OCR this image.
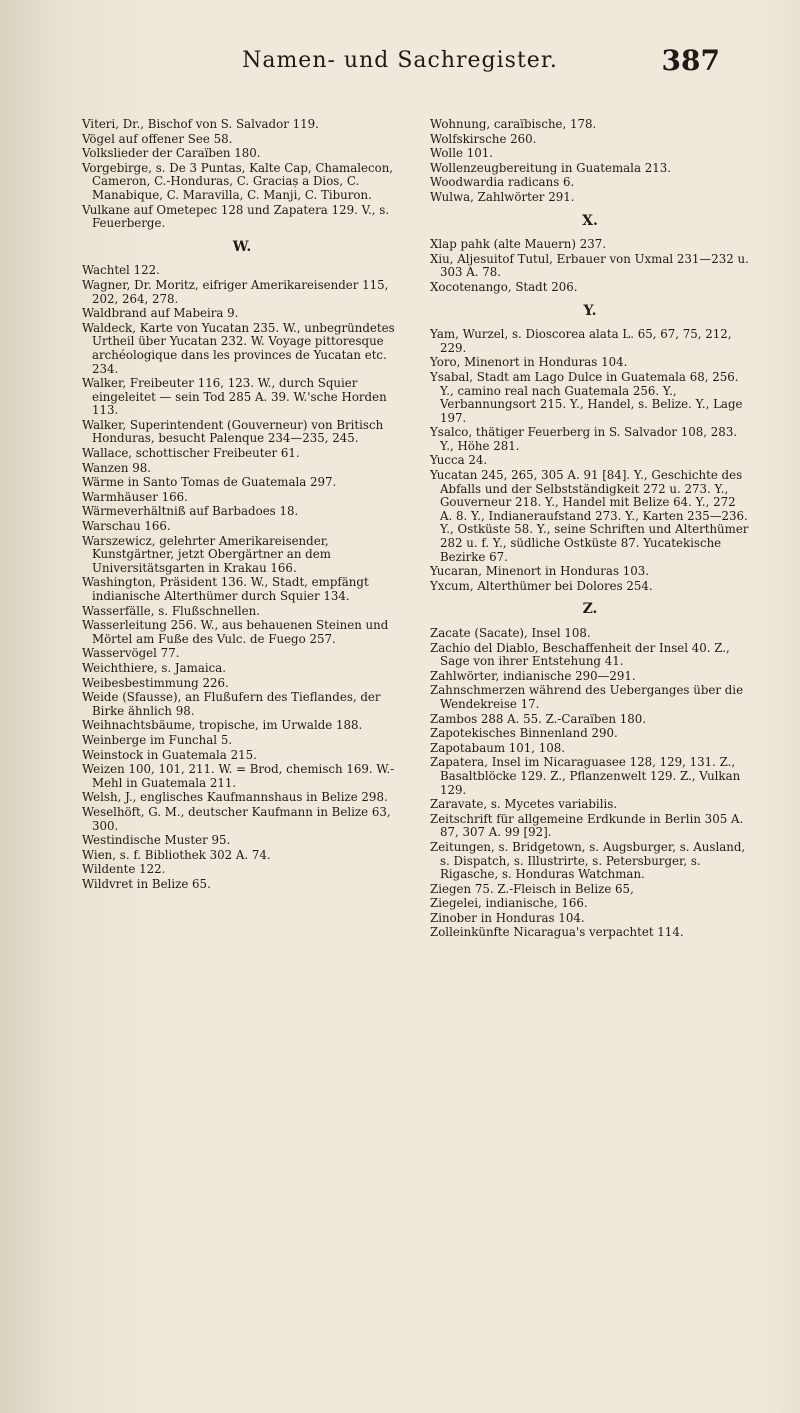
Namen- und Sachregister.	387
Viteri, Dr., Bischof von S. Salvador 119.
Vögel auf offener See 58.
Volkslieder der Caraïben 180.
Vorgebirge, s. De 3 Puntas, Kalte Cap, Chamalecon, Cameron, C.-Honduras, C. Graciaș a Dios, C. Manabique, C. Maravilla, C. Manji, C. Tiburon.
Vulkane auf Ometepec 128 und Zapatera 129. V., s. Feuerberge.
W.
Wachtel 122.
Wagner, Dr. Moritz, eifriger Amerikareisender 115, 202, 264, 278.
Waldbrand auf Mabeira 9.
Waldeck, Karte von Yucatan 235. W., unbegründetes Urtheil über Yucatan 232. W. Voyage pittoresque archéologique dans les provinces de Yucatan etc. 234.
Walker, Freibeuter 116, 123. W., durch Squier eingeleitet — sein Tod 285 A. 39. W.'sche Horden 113.
Walker, Superintendent (Gouverneur) von Britisch Honduras, besucht Palenque 234—235, 245.
Wallace, schottischer Freibeuter 61.
Wanzen 98.
Wärme in Santo Tomas de Guatemala 297.
Warmhäuser 166.
Wärmeverhältniß auf Barbadoes 18.
Warschau 166.
Warszewicz, gelehrter Amerikareisender, Kunstgärtner, jetzt Obergärtner an dem Universitätsgarten in Krakau 166.
Washington, Präsident 136. W., Stadt, empfängt indianische Alterthümer durch Squier 134.
Wasserfälle, s. Flußschnellen.
Wasserleitung 256. W., aus behauenen Steinen und Mörtel am Fuße des Vulc. de Fuego 257.
Wasservögel 77.
Weichthiere, s. Jamaica.
Weibesbestimmung 226.
Weide (Sfausse), an Flußufern des Tieflandes, der Birke ähnlich 98.
Weihnachtsbäume, tropische, im Urwalde 188.
Weinberge im Funchal 5.
Weinstock in Guatemala 215.
Weizen 100, 101, 211. W. = Brod, chemisch 169. W.-Mehl in Guatemala 211.
Welsh, J., englisches Kaufmannshaus in Belize 298.
Weselhöft, G. M., deutscher Kaufmann in Belize 63, 300.
Westindische Muster 95.
Wien, s. f. Bibliothek 302 A. 74.
Wildente 122.
Wildvret in Belize 65.
Wohnung, caraïbische, 178.
Wolfskirsche 260.
Wolle 101.
Wollenzeugbereitung in Guatemala 213.
Woodwardia radicans 6.
Wulwa, Zahlwörter 291.
X.
Xlap pahk (alte Mauern) 237.
Xiu, Aljesuitof Tutul, Erbauer von Uxmal 231—232 u. 303 A. 78.
Xocotenango, Stadt 206.
Y.
Yam, Wurzel, s. Dioscorea alata L. 65, 67, 75, 212, 229.
Yoro, Minenort in Honduras 104.
Ysabal, Stadt am Lago Dulce in Guatemala 68, 256. Y., camino real nach Guatemala 256. Y., Verbannungsort 215. Y., Handel, s. Belize. Y., Lage 197.
Ysalco, thätiger Feuerberg in S. Salvador 108, 283. Y., Höhe 281.
Yucca 24.
Yucatan 245, 265, 305 A. 91 [84]. Y., Geschichte des Abfalls und der Selbstständigkeit 272 u. 273. Y., Gouverneur 218. Y., Handel mit Belize 64. Y., 272 A. 8. Y., Indianeraufstand 273. Y., Karten 235—236. Y., Ostküste 58. Y., seine Schriften und Alterthümer 282 u. f. Y., südliche Ostküste 87. Yucatekische Bezirke 67.
Yucaran, Minenort in Honduras 103.
Yxcum, Alterthümer bei Dolores 254.
Z.
Zacate (Sacate), Insel 108.
Zachio del Diablo, Beschaffenheit der Insel 40. Z., Sage von ihrer Entstehung 41.
Zahlwörter, indianische 290—291.
Zahnschmerzen während des Ueberganges über die Wendekreise 17.
Zambos 288 A. 55. Z.-Caraïben 180.
Zapotekisches Binnenland 290.
Zapotabaum 101, 108.
Zapatera, Insel im Nicaraguasee 128, 129, 131. Z., Basaltblöcke 129. Z., Pflanzenwelt 129. Z., Vulkan 129.
Zaravate, s. Mycetes variabilis.
Zeitschrift für allgemeine Erdkunde in Berlin 305 A. 87, 307 A. 99 [92].
Zeitungen, s. Bridgetown, s. Augsburger, s. Ausland, s. Dispatch, s. Illustrirte, s. Petersburger, s. Rigasche, s. Honduras Watchman.
Ziegen 75. Z.-Fleisch in Belize 65,
Ziegelei, indianische, 166.
Zinober in Honduras 104.
Zolleinkünfte Nicaragua's verpachtet 114.
